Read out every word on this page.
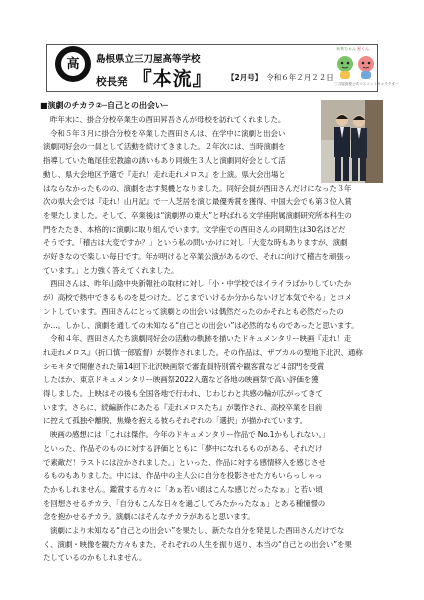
高	島根県立三刀屋高等学校
校長発 『本流』 【2月号】 令和６年２月２２日
未来ちゃん 星くん
三刀屋高校公式マスコットキャラクター
■演劇のチカラ②─自己との出会い─
昨年末に、掛合分校卒業生の酉田昇吾さんが母校を訪れてくれました。
令和５年３月に掛合分校を卒業した酉田さんは、在学中に演劇と出会い
演劇同好会の一員として活動を続けてきました。２年次には、当時演劇を
指導していた亀尾佳宏教諭の誘いもあり同級生３人と演劇同好会として活
動し、県大会地区予選で『走れ！走れ走れメロス』を上演。県大会出場と
はならなかったものの、演劇を志す契機となりました。同好会員が酉田さんだけになった３年
次の県大会では『走れ！山月記』で一人芝居を演じ最優秀賞を獲得、中国大会でも第３位入賞
を果たしました。そして、卒業後は“演劇界の東大”と呼ばれる文学座附属演劇研究所本科生の
門をたたき、本格的に演劇に取り組んでいます。文学座での酉田さんの同期生は30名ほどだ
そうです。「稽古は大変ですか？」という私の問いかけに対し「大変な時もありますが、演劇
が好きなので楽しい毎日です。年が明けると卒業公演があるので、それに向けて稽古を頑張っ
ています。」と力強く答えてくれました。
酉田さんは、昨年山陰中央新報社の取材に対し「小・中学校ではイライラばかりしていたか
が）高校で熱中できるものを見つけた。どこまでいけるか分からないけど本気でやる」とコメ
ントしています。酉田さんにとって演劇との出会いは偶然だったのかそれとも必然だったの
か…。しかし、演劇を通しての未知なる“自己との出会い”は必然的なものであったと思います。
令和４年、酉田さんたち演劇同好会の活動の軌跡を描いたドキュメンタリー映画『走れ！走
れ走れメロス』（折口慎一郎監督）が製作されました。その作品は、ザブカルの聖地下北沢、通称
シモキタで開催された第14回下北沢映画祭で審査員特別賞や観客賞など４部門を受賞
したほか、東京ドキュメンタリー映画祭2022入選など各地の映画祭で高い評価を獲
得しました。上映はその後も全国各地で行われ、じわじわと共感の輪が広がってきて
います。さらに、続編新作にあたる『走れメロスたち』が製作され、高校卒業を目前
に控えて孤独や離脱、焦燥を抱える彼らそれぞれの「選択」が描かれています。
映画の感想には「これは傑作。今年のドキュメンタリー作品で No.1かもしれない。」
といった、作品そのものに対する評価とともに「夢中になれるものがある、それだけ
で素敵だ！ラストには泣かされました。」といった、作品に対する感情移入を感じさせ
るものもありました。中には、作品中の主人公に自分を投影させた方もいらっしゃっ
たかもしれません。鑑賞する方々に「あぁ若い頃はこんな感じだったなぁ」と若い頃
を回想させるチカラ、「自分もこんな日々を過ごしてみたかったなぁ」とある種憧憬の
念を抱かせるチカラ。演劇にはそんなチカラがあると思います。
演劇により未知なる“自己との出会い”を果たし、新たな自分を発見した酉田さんだけでな
く、演劇・映像を観た方々もまた、それぞれの人生を振り返り、本当の“自己との出会い”を果
たしているのかもしれません。
